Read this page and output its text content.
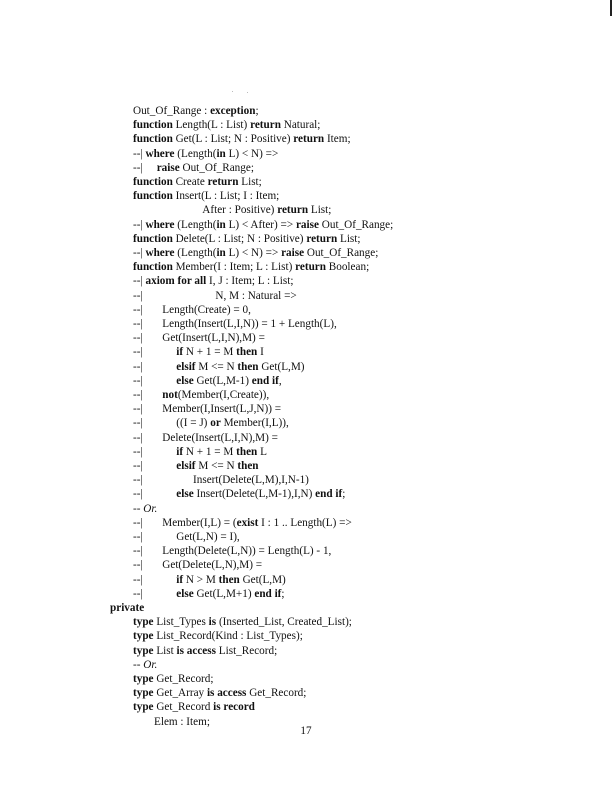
Out_Of_Range : exception;
function Length(L : List) return Natural;
function Get(L : List; N : Positive) return Item;
--| where (Length(in L) < N) =>
--|     raise Out_Of_Range;
function Create return List;
function Insert(L : List; I : Item;
After : Positive) return List;
--| where (Length(in L) < After) => raise Out_Of_Range;
function Delete(L : List; N : Positive) return List;
--| where (Length(in L) < N) => raise Out_Of_Range;
function Member(I : Item; L : List) return Boolean;
--| axiom for all I, J : Item; L : List;
--|                          N, M : Natural =>
--|       Length(Create) = 0,
--|       Length(Insert(L,I,N)) = 1 + Length(L),
--|       Get(Insert(L,I,N),M) =
--|            if N + 1 = M then I
--|            elsif M <= N then Get(L,M)
--|            else Get(L,M-1) end if,
--|       not(Member(I,Create)),
--|       Member(I,Insert(L,J,N)) =
--|            ((I = J) or Member(I,L)),
--|       Delete(Insert(L,I,N),M) =
--|            if N + 1 = M then L
--|            elsif M <= N then
--|                  Insert(Delete(L,M),I,N-1)
--|            else Insert(Delete(L,M-1),I,N) end if;
-- Or.
--|       Member(I,L) = (exist I : 1 .. Length(L) =>
--|            Get(L,N) = I),
--|       Length(Delete(L,N)) = Length(L) - 1,
--|       Get(Delete(L,N),M) =
--|            if N > M then Get(L,M)
--|            else Get(L,M+1) end if;
private
type List_Types is (Inserted_List, Created_List);
type List_Record(Kind : List_Types);
type List is access List_Record;
-- Or.
type Get_Record;
type Get_Array is access Get_Record;
type Get_Record is record
Elem : Item;
17
